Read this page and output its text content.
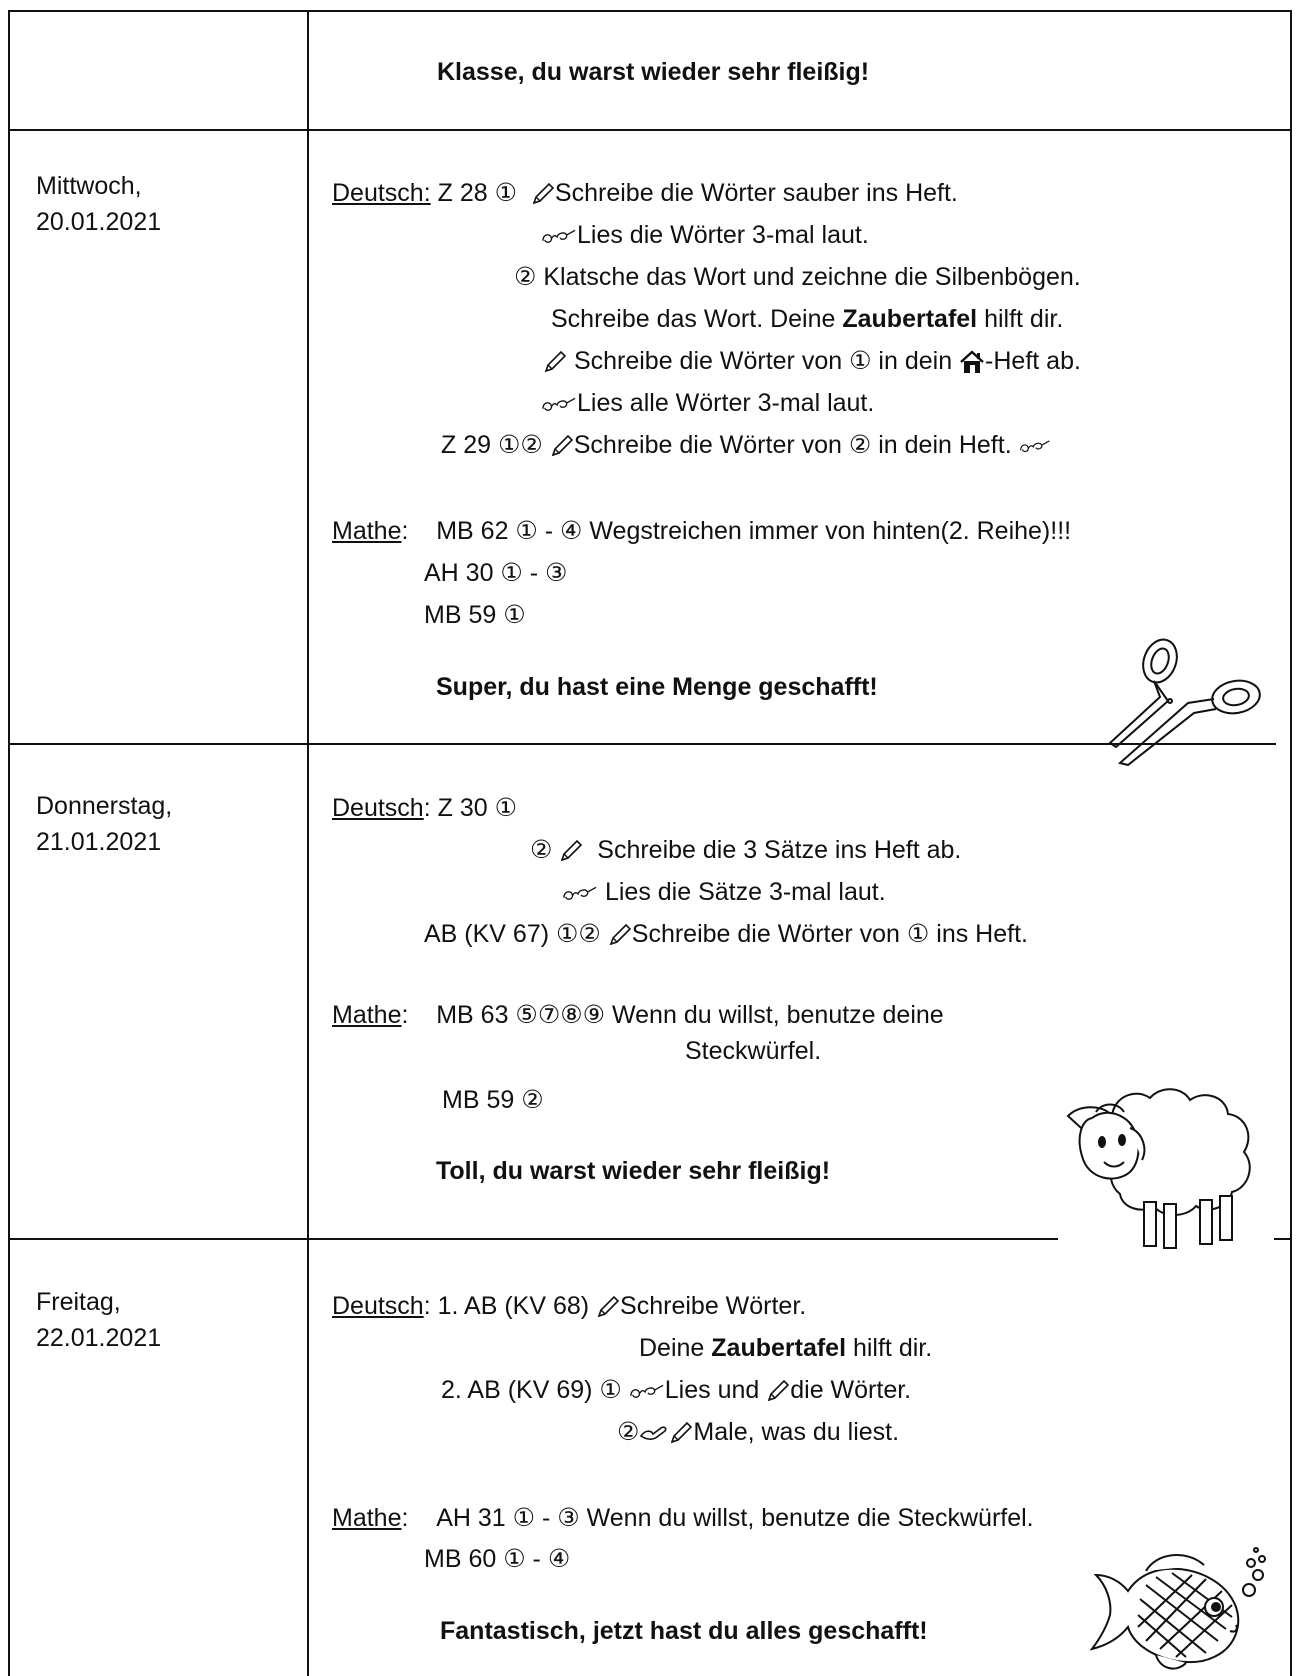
Klasse, du warst wieder sehr fleißig!
Mittwoch,
20.01.2021
Deutsch: Z 28 ① Schreibe die Wörter sauber ins Heft.
Lies die Wörter 3-mal laut.
② Klatsche das Wort und zeichne die Silbenbögen.
Schreibe das Wort. Deine Zaubertafel hilft dir.
Schreibe die Wörter von ① in dein -Heft ab.
Lies alle Wörter 3-mal laut.
Z 29 ①② Schreibe die Wörter von ② in dein Heft.
Mathe:    MB 62 ① - ④ Wegstreichen immer von hinten(2. Reihe)!!!
AH 30 ① - ③
MB 59 ①
Super, du hast eine Menge geschafft!
Donnerstag,
21.01.2021
Deutsch: Z 30 ①
② Schreibe die 3 Sätze ins Heft ab.
Lies die Sätze 3-mal laut.
AB (KV 67) ①② Schreibe die Wörter von ① ins Heft.
Mathe:    MB 63 ⑤⑦⑧⑨ Wenn du willst, benutze deine
Steckwürfel.
MB 59 ②
Toll, du warst wieder sehr fleißig!
Freitag,
22.01.2021
Deutsch: 1. AB (KV 68) Schreibe Wörter.
Deine Zaubertafel hilft dir.
2. AB (KV 69) ① Lies und die Wörter.
② Male, was du liest.
Mathe:    AH 31 ① - ③ Wenn du willst, benutze die Steckwürfel.
MB 60 ① - ④
Fantastisch, jetzt hast du alles geschafft!
